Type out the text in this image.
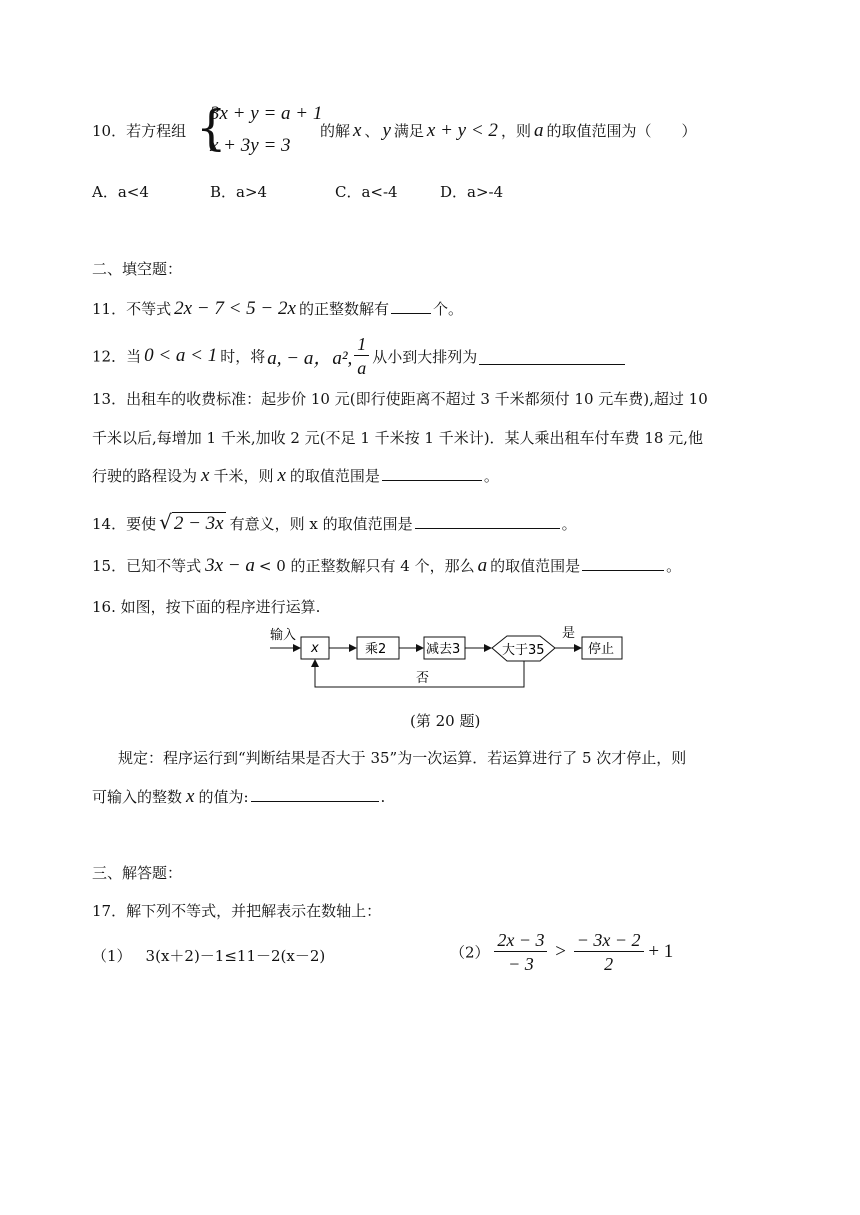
10．若方程组 {
3x + y = a + 1
x + 3y = 3
的解 x 、 y 满足 x + y < 2 ，则 a 的取值范围为（　　）
A．a<4	B．a>4	C．a<-4	D．a>-4
二、填空题：
11．不等式 2x − 7 < 5 − 2x 的正整数解有	个。
12．当 0 < a < 1 时，将 a, − a，a², $\frac{1}{a}$ 从小到大排列为
13．出租车的收费标准：起步价 10 元(即行使距离不超过 3 千米都须付 10 元车费),超过 10
千米以后,每增加 1 千米,加收 2 元(不足 1 千米按 1 千米计)．某人乘出租车付车费 18 元,他
行驶的路程设为 x 千米，则 x 的取值范围是	。
14．要使 √ 2 − 3x 有意义，则 x 的取值范围是	。
15．已知不等式 3x − a < 0 的正整数解只有 4 个，那么 a 的取值范围是	。
16. 如图，按下面的程序进行运算.
输入
x	乘2	减去3	大于35
是
停止
否
(第 20 题)
规定：程序运行到“判断结果是否大于 35”为一次运算．若运算进行了 5 次才停止，则
可输入的整数 x 的值为:	.
三、解答题：
17．解下列不等式，并把解表示在数轴上：
（1） 3(x＋2)－1≤11－2(x－2)	$(2) \frac{2x - 3}{- 3} > \frac{- 3x - 2}{2} + 1$
